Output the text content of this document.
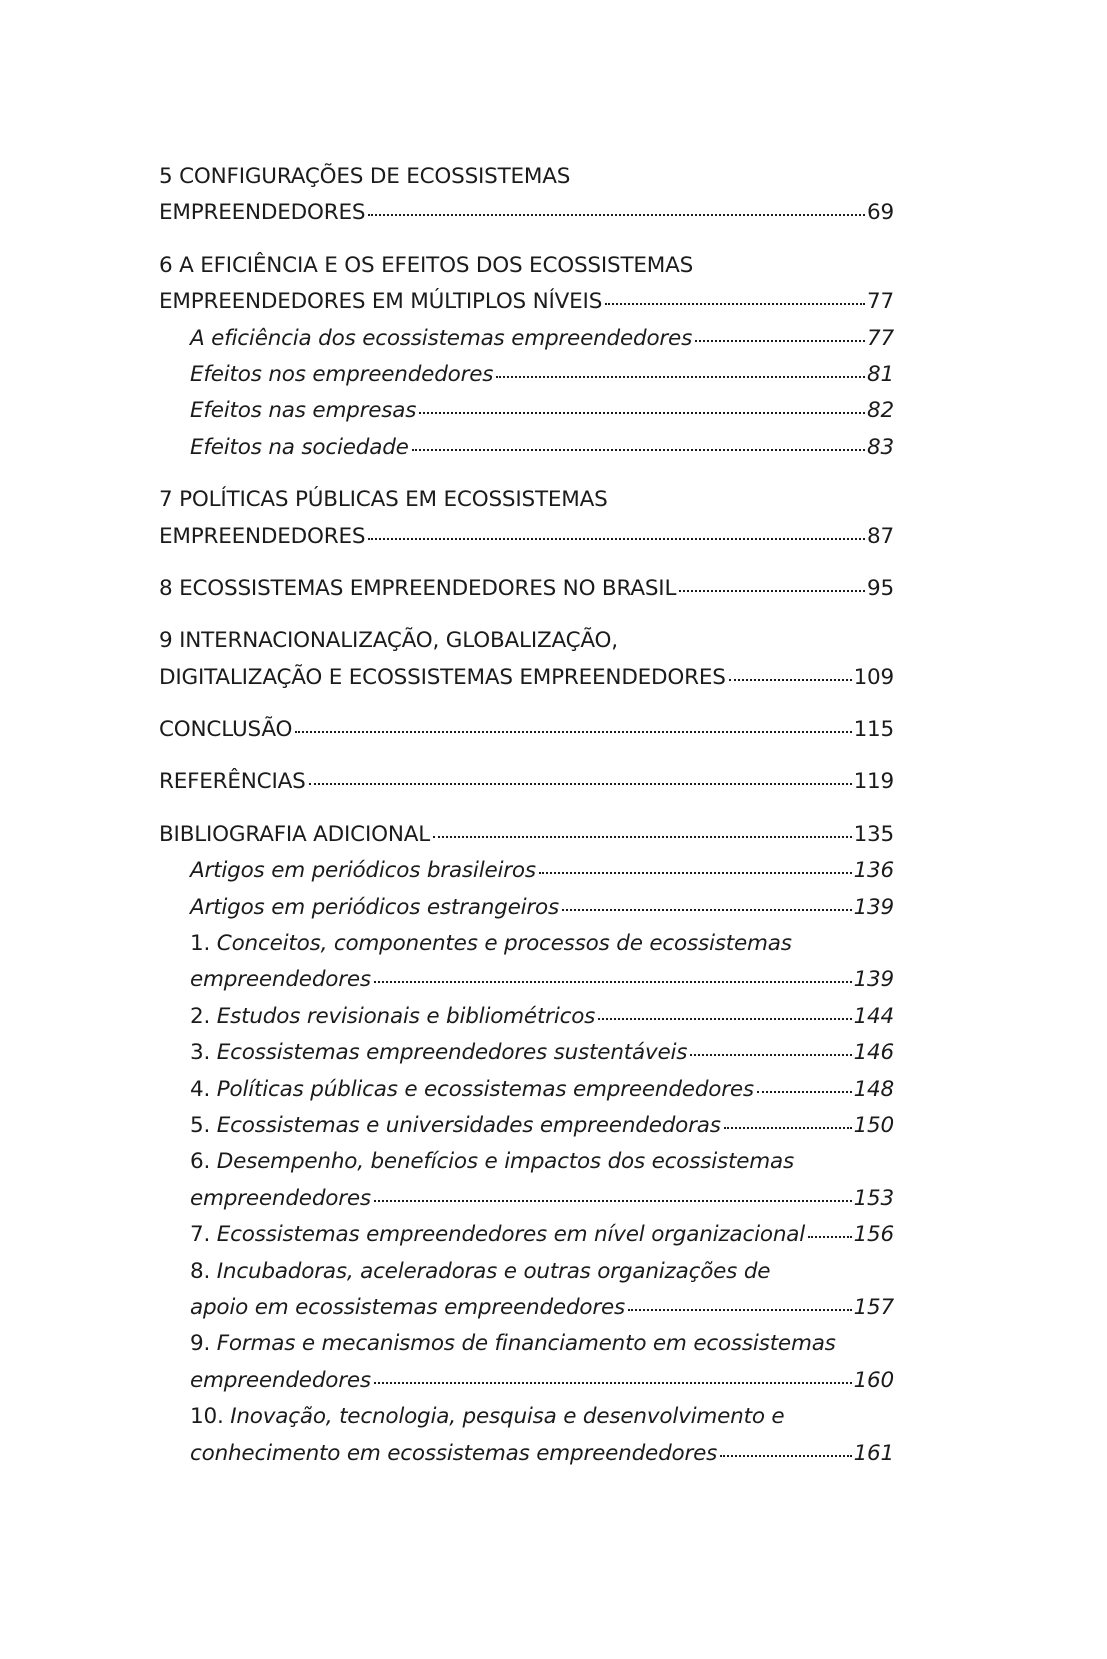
5 CONFIGURAÇÕES DE ECOSSISTEMAS
EMPREENDEDORES	69
6 A EFICIÊNCIA E OS EFEITOS DOS ECOSSISTEMAS
EMPREENDEDORES EM MÚLTIPLOS NÍVEIS	77
A eficiência dos ecossistemas empreendedores	77
Efeitos nos empreendedores	81
Efeitos nas empresas	82
Efeitos na sociedade	83
7 POLÍTICAS PÚBLICAS EM ECOSSISTEMAS
EMPREENDEDORES	87
8 ECOSSISTEMAS EMPREENDEDORES NO BRASIL	95
9 INTERNACIONALIZAÇÃO, GLOBALIZAÇÃO,
DIGITALIZAÇÃO E ECOSSISTEMAS EMPREENDEDORES	109
CONCLUSÃO	115
REFERÊNCIAS	119
BIBLIOGRAFIA ADICIONAL	135
Artigos em periódicos brasileiros	136
Artigos em periódicos estrangeiros	139
1. Conceitos, componentes e processos de ecossistemas
empreendedores	139
2. Estudos revisionais e bibliométricos	144
3. Ecossistemas empreendedores sustentáveis	146
4. Políticas públicas e ecossistemas empreendedores	148
5. Ecossistemas e universidades empreendedoras	150
6. Desempenho, benefícios e impactos dos ecossistemas
empreendedores	153
7. Ecossistemas empreendedores em nível organizacional 156
8. Incubadoras, aceleradoras e outras organizações de
apoio em ecossistemas empreendedores	157
9. Formas e mecanismos de financiamento em ecossistemas
empreendedores	160
10. Inovação, tecnologia, pesquisa e desenvolvimento e
conhecimento em ecossistemas empreendedores	161
